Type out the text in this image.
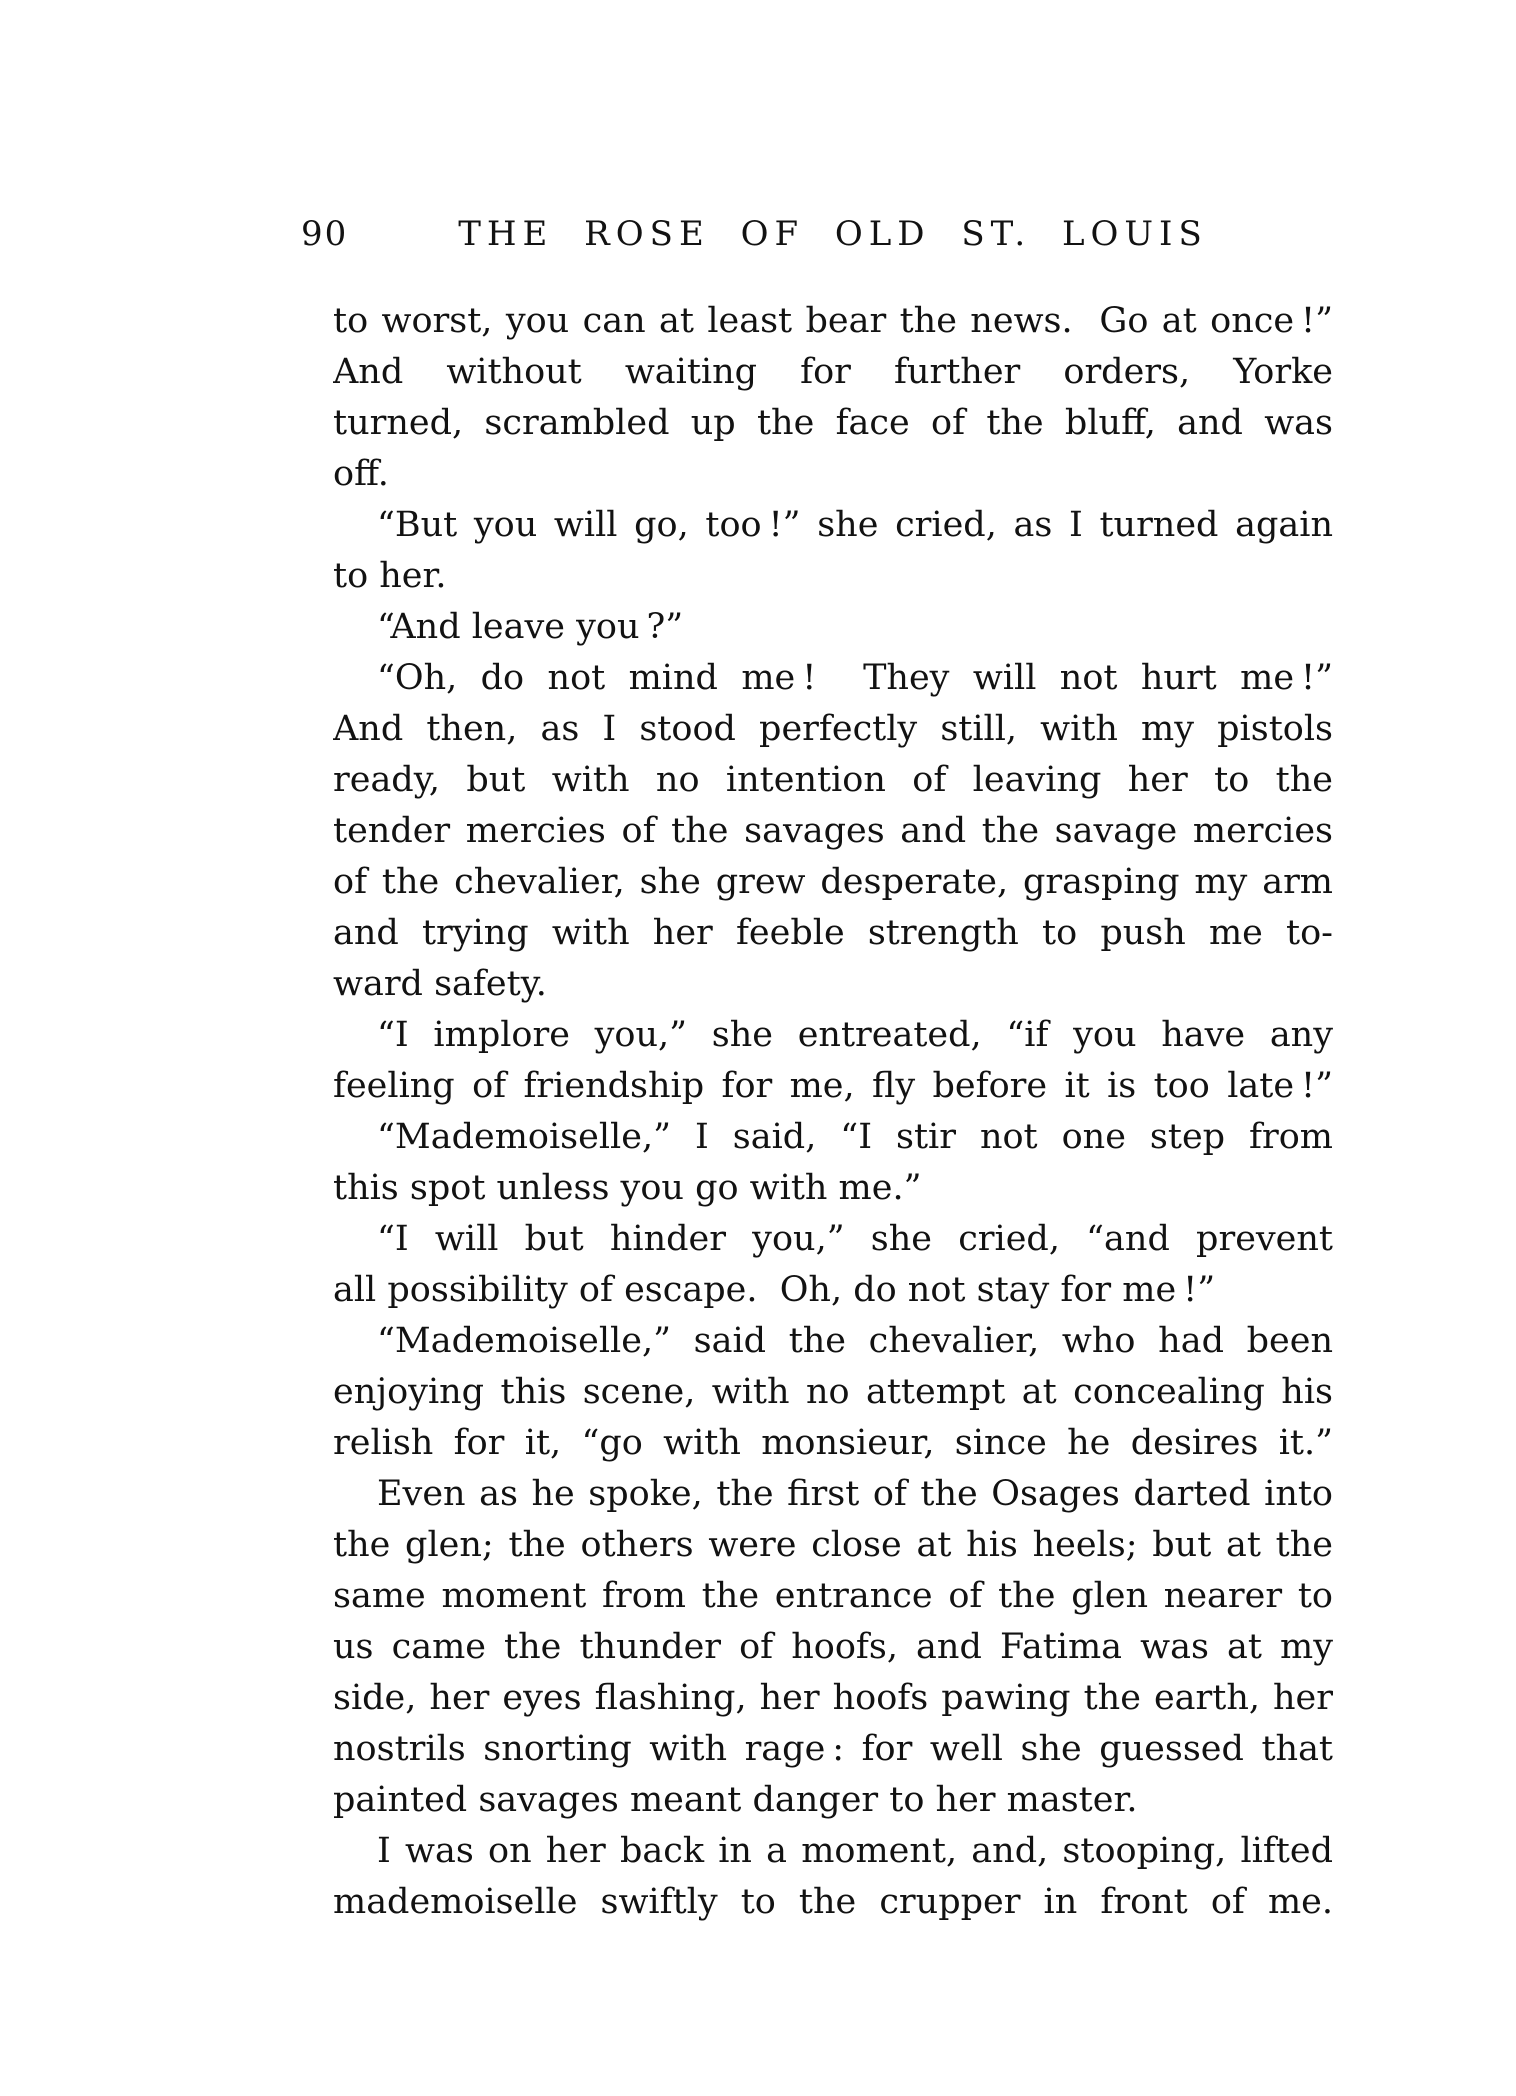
90	THE ROSE OF OLD ST. LOUIS
to worst, you can at least bear the news.  Go at once !”
And without waiting for further orders, Yorke
turned, scrambled up the face of the bluff, and was
off.
“But you will go, too !” she cried, as I turned again
to her.
“And leave you ?”
“Oh, do not mind me !  They will not hurt me !”
And then, as I stood perfectly still, with my pistols
ready, but with no intention of leaving her to the
tender mercies of the savages and the savage mercies
of the chevalier, she grew desperate, grasping my arm
and trying with her feeble strength to push me to-
ward safety.
“I implore you,” she entreated, “if you have any
feeling of friendship for me, fly before it is too late !”
“Mademoiselle,” I said, “I stir not one step from
this spot unless you go with me.”
“I will but hinder you,” she cried, “and prevent
all possibility of escape.  Oh, do not stay for me !”
“Mademoiselle,” said the chevalier, who had been
enjoying this scene, with no attempt at concealing his
relish for it, “go with monsieur, since he desires it.”
Even as he spoke, the first of the Osages darted into
the glen; the others were close at his heels; but at the
same moment from the entrance of the glen nearer to
us came the thunder of hoofs, and Fatima was at my
side, her eyes flashing, her hoofs pawing the earth, her
nostrils snorting with rage : for well she guessed that
painted savages meant danger to her master.
I was on her back in a moment, and, stooping, lifted
mademoiselle swiftly to the crupper in front of me.
